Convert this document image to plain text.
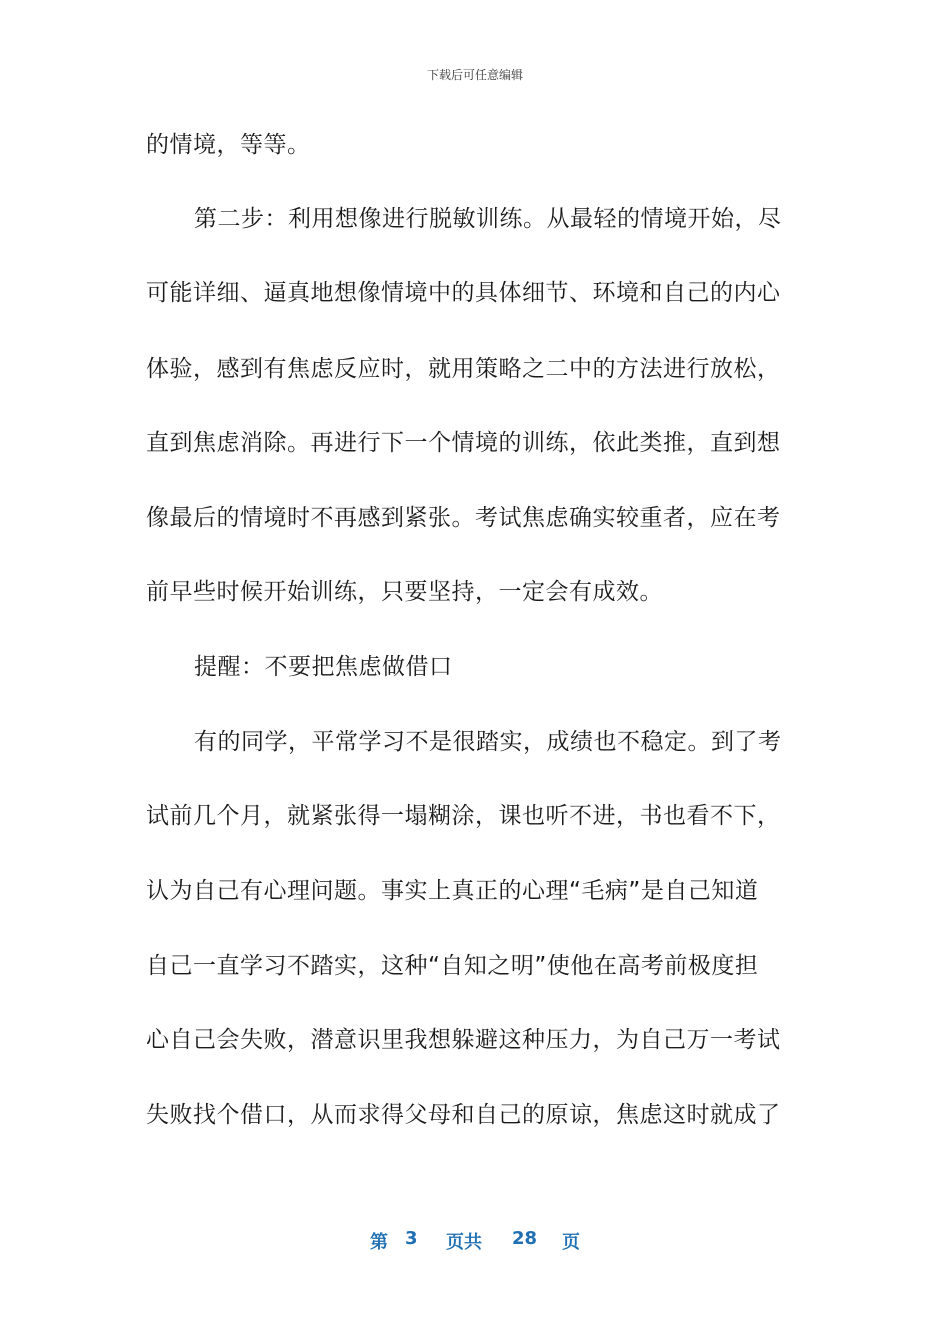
下载后可任意编辑
的情境，等等。
第二步：利用想像进行脱敏训练。从最轻的情境开始，尽
可能详细、逼真地想像情境中的具体细节、环境和自己的内心
体验，感到有焦虑反应时，就用策略之二中的方法进行放松，
直到焦虑消除。再进行下一个情境的训练，依此类推，直到想
像最后的情境时不再感到紧张。考试焦虑确实较重者，应在考
前早些时候开始训练，只要坚持，一定会有成效。
提醒：不要把焦虑做借口
有的同学，平常学习不是很踏实，成绩也不稳定。到了考
试前几个月，就紧张得一塌糊涂，课也听不进，书也看不下，
认为自己有心理问题。事实上真正的心理“毛病”是自己知道
自己一直学习不踏实，这种“自知之明”使他在高考前极度担
心自己会失败，潜意识里我想躲避这种压力，为自己万一考试
失败找个借口，从而求得父母和自己的原谅，焦虑这时就成了
第 3 页共 28 页
